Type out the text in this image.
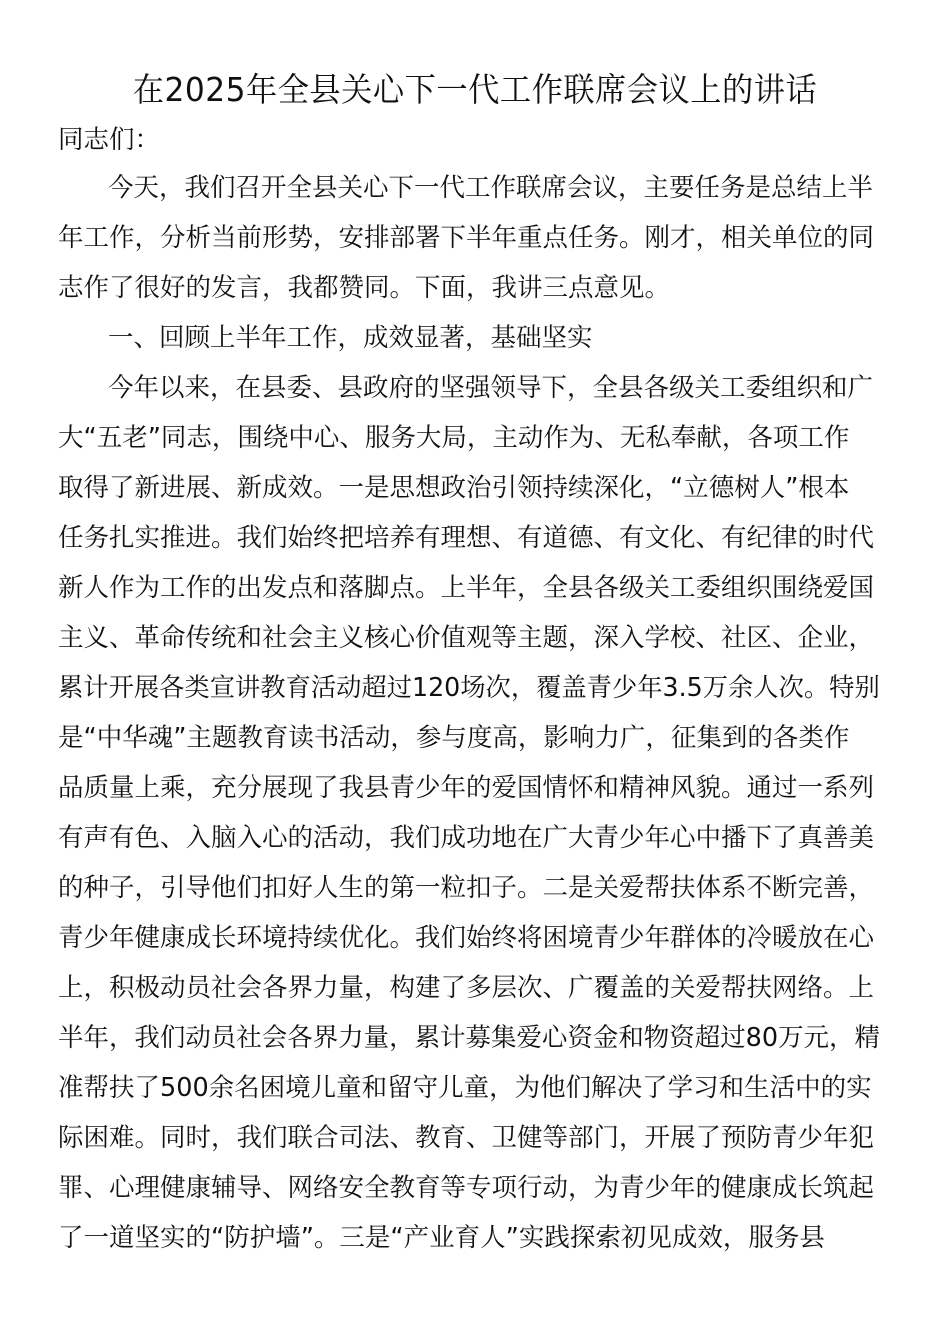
在2025年全县关心下一代工作联席会议上的讲话
同志们：
今天，我们召开全县关心下一代工作联席会议，主要任务是总结上半
年工作，分析当前形势，安排部署下半年重点任务。刚才，相关单位的同
志作了很好的发言，我都赞同。下面，我讲三点意见。
一、回顾上半年工作，成效显著，基础坚实
今年以来，在县委、县政府的坚强领导下，全县各级关工委组织和广
大“五老”同志，围绕中心、服务大局，主动作为、无私奉献，各项工作
取得了新进展、新成效。一是思想政治引领持续深化，“立德树人”根本
任务扎实推进。我们始终把培养有理想、有道德、有文化、有纪律的时代
新人作为工作的出发点和落脚点。上半年，全县各级关工委组织围绕爱国
主义、革命传统和社会主义核心价值观等主题，深入学校、社区、企业，
累计开展各类宣讲教育活动超过120场次，覆盖青少年3.5万余人次。特别
是“中华魂”主题教育读书活动，参与度高，影响力广，征集到的各类作
品质量上乘，充分展现了我县青少年的爱国情怀和精神风貌。通过一系列
有声有色、入脑入心的活动，我们成功地在广大青少年心中播下了真善美
的种子，引导他们扣好人生的第一粒扣子。二是关爱帮扶体系不断完善，
青少年健康成长环境持续优化。我们始终将困境青少年群体的冷暖放在心
上，积极动员社会各界力量，构建了多层次、广覆盖的关爱帮扶网络。上
半年，我们动员社会各界力量，累计募集爱心资金和物资超过80万元，精
准帮扶了500余名困境儿童和留守儿童，为他们解决了学习和生活中的实
际困难。同时，我们联合司法、教育、卫健等部门，开展了预防青少年犯
罪、心理健康辅导、网络安全教育等专项行动，为青少年的健康成长筑起
了一道坚实的“防护墙”。三是“产业育人”实践探索初见成效，服务县
